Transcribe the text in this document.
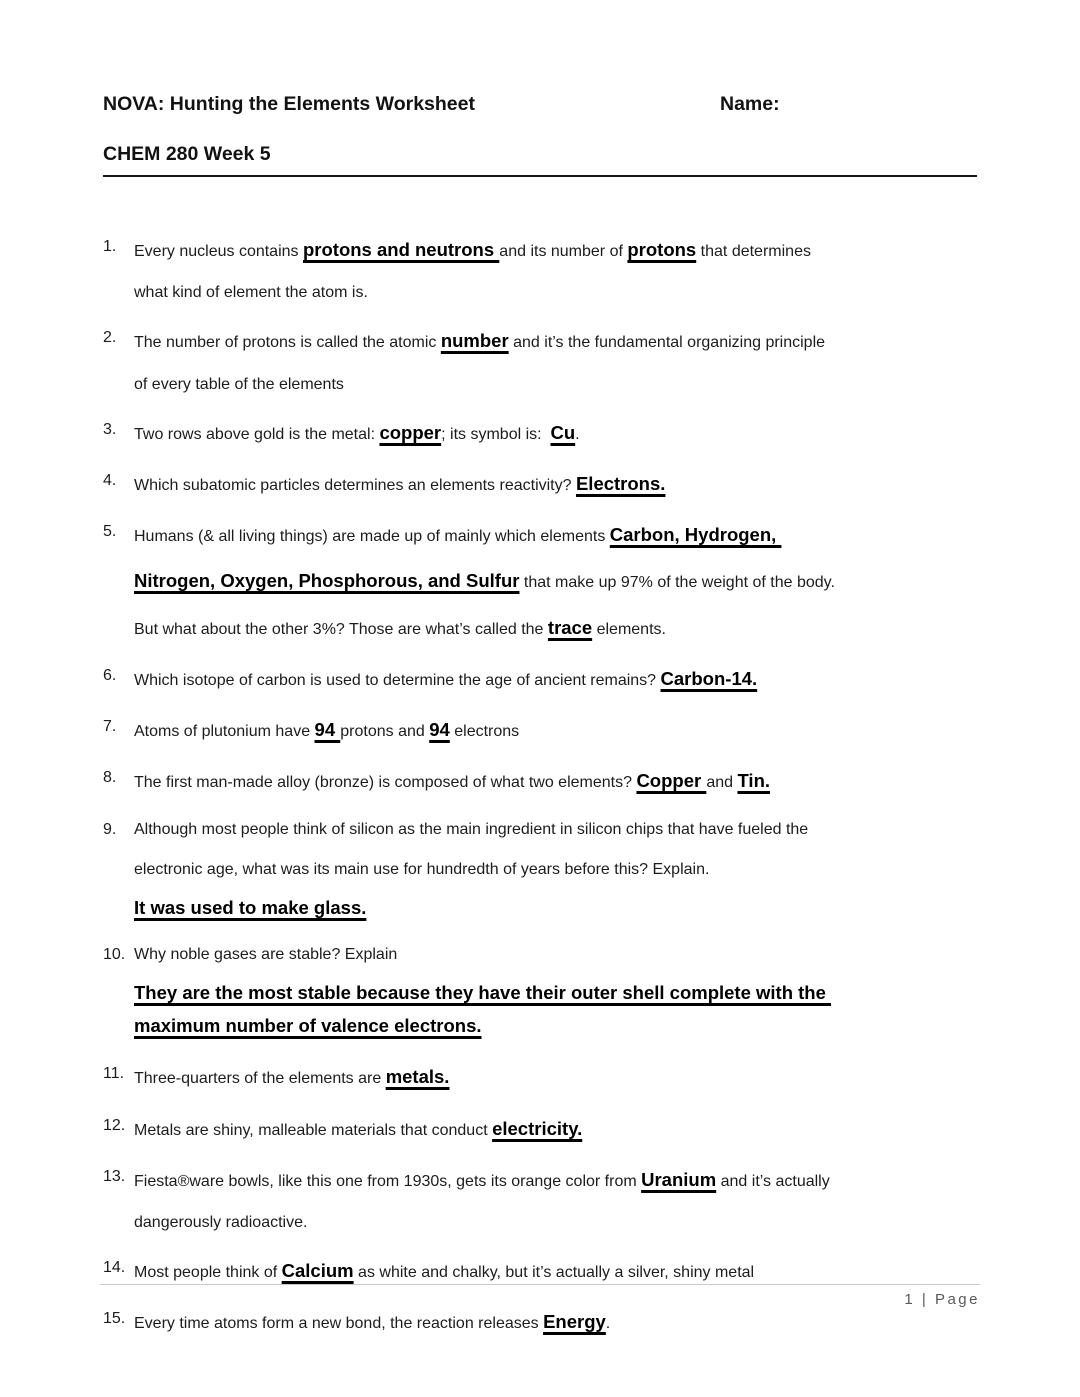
NOVA: Hunting the Elements Worksheet	Name:
CHEM 280 Week 5
1.	Every nucleus contains protons and neutrons and its number of protons that determines
what kind of element the atom is.
2.	The number of protons is called the atomic number and it’s the fundamental organizing principle
of every table of the elements
3.	Two rows above gold is the metal: copper; its symbol is:  Cu.
4.	Which subatomic particles determines an elements reactivity? Electrons.
5.	Humans (& all living things) are made up of mainly which elements Carbon, Hydrogen,
Nitrogen, Oxygen, Phosphorous, and Sulfur that make up 97% of the weight of the body.
But what about the other 3%? Those are what’s called the trace elements.
6.	Which isotope of carbon is used to determine the age of ancient remains? Carbon-14.
7.	Atoms of plutonium have 94 protons and 94 electrons
8.	The first man-made alloy (bronze) is composed of what two elements? Copper and Tin.
9.	Although most people think of silicon as the main ingredient in silicon chips that have fueled the
electronic age, what was its main use for hundredth of years before this? Explain.
It was used to make glass.
10. Why noble gases are stable? Explain
They are the most stable because they have their outer shell complete with the
maximum number of valence electrons.
11. Three-quarters of the elements are metals.
12. Metals are shiny, malleable materials that conduct electricity.
13. Fiesta®ware bowls, like this one from 1930s, gets its orange color from Uranium and it’s actually
dangerously radioactive.
14. Most people think of Calcium as white and chalky, but it’s actually a silver, shiny metal
15. Every time atoms form a new bond, the reaction releases Energy.
1 | Page
